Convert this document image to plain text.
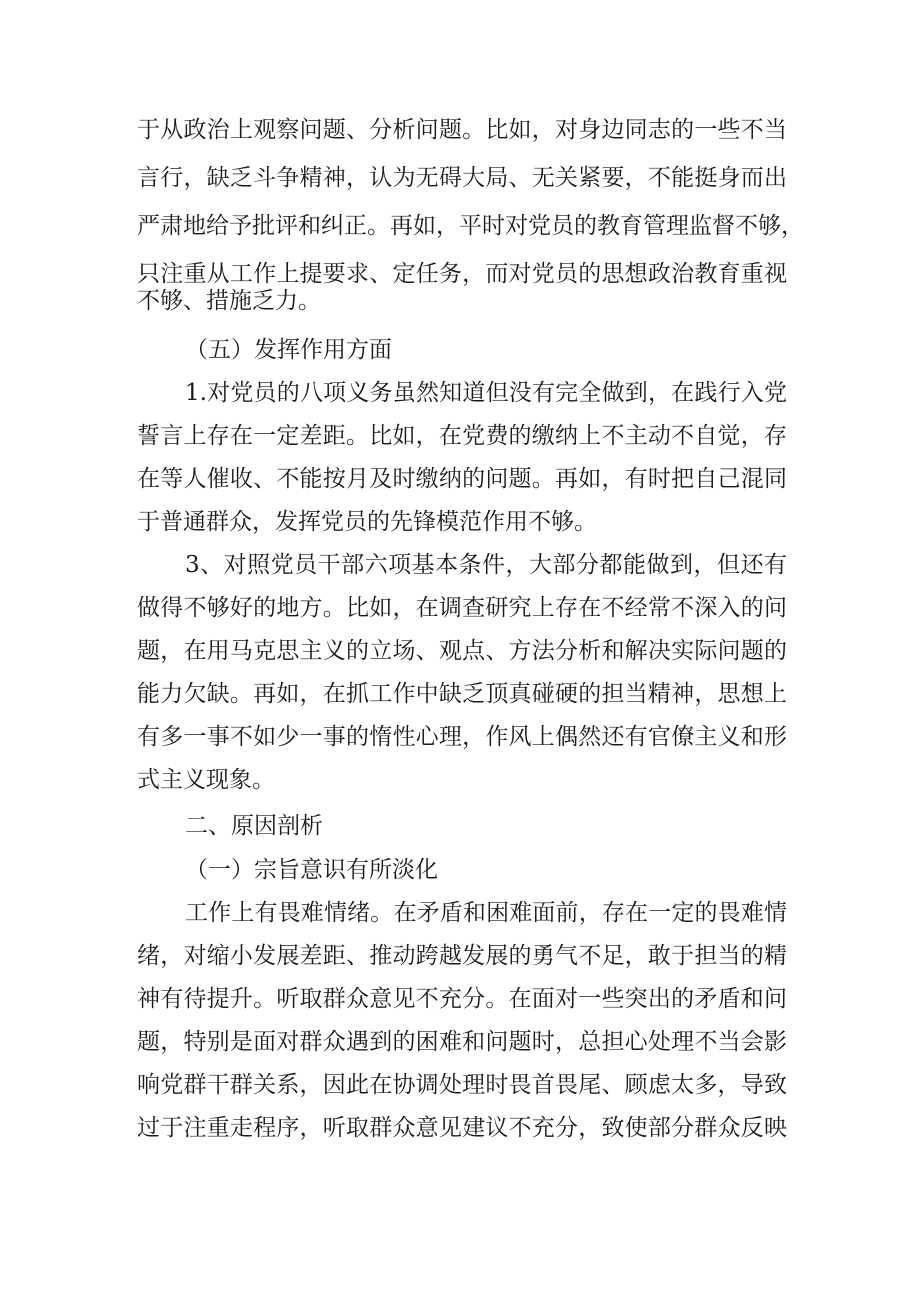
于从政治上观察问题、分析问题。比如，对身边同志的一些不当
言行，缺乏斗争精神，认为无碍大局、无关紧要，不能挺身而出
严肃地给予批评和纠正。再如，平时对党员的教育管理监督不够，
只注重从工作上提要求、定任务，而对党员的思想政治教育重视
不够、措施乏力。
（五）发挥作用方面
1.对党员的八项义务虽然知道但没有完全做到，在践行入党
誓言上存在一定差距。比如，在党费的缴纳上不主动不自觉，存
在等人催收、不能按月及时缴纳的问题。再如，有时把自己混同
于普通群众，发挥党员的先锋模范作用不够。
3、对照党员干部六项基本条件，大部分都能做到，但还有
做得不够好的地方。比如，在调查研究上存在不经常不深入的问
题，在用马克思主义的立场、观点、方法分析和解决实际问题的
能力欠缺。再如，在抓工作中缺乏顶真碰硬的担当精神，思想上
有多一事不如少一事的惰性心理，作风上偶然还有官僚主义和形
式主义现象。
二、原因剖析
（一）宗旨意识有所淡化
工作上有畏难情绪。在矛盾和困难面前，存在一定的畏难情
绪，对缩小发展差距、推动跨越发展的勇气不足，敢于担当的精
神有待提升。听取群众意见不充分。在面对一些突出的矛盾和问
题，特别是面对群众遇到的困难和问题时，总担心处理不当会影
响党群干群关系，因此在协调处理时畏首畏尾、顾虑太多，导致
过于注重走程序，听取群众意见建议不充分，致使部分群众反映
